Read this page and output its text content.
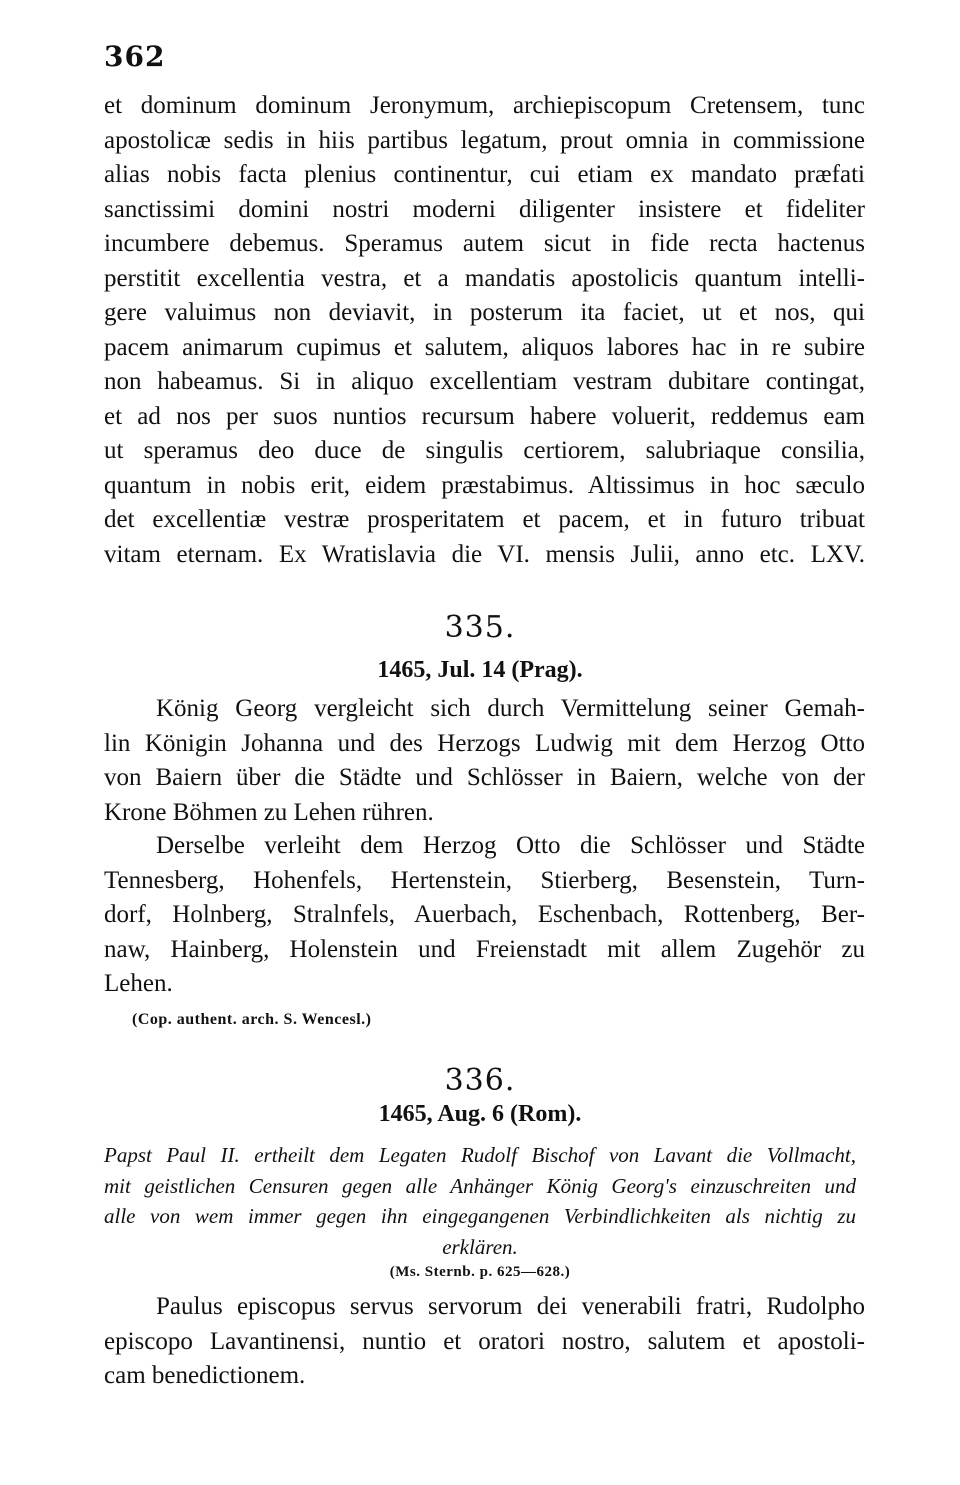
362
et dominum dominum Jeronymum, archiepiscopum Cretensem, tunc
apostolicæ sedis in hiis partibus legatum, prout omnia in commissione
alias nobis facta plenius continentur, cui etiam ex mandato præfati
sanctissimi domini nostri moderni diligenter insistere et fideliter
incumbere debemus. Speramus autem sicut in fide recta hactenus
perstitit excellentia vestra, et a mandatis apostolicis quantum intelli-
gere valuimus non deviavit, in posterum ita faciet, ut et nos, qui
pacem animarum cupimus et salutem, aliquos labores hac in re subire
non habeamus. Si in aliquo excellentiam vestram dubitare contingat,
et ad nos per suos nuntios recursum habere voluerit, reddemus eam
ut speramus deo duce de singulis certiorem, salubriaque consilia,
quantum in nobis erit, eidem præstabimus. Altissimus in hoc sæculo
det excellentiæ vestræ prosperitatem et pacem, et in futuro tribuat
vitam eternam. Ex Wratislavia die VI. mensis Julii, anno etc. LXV.
335.
1465, Jul. 14 (Prag).
König Georg vergleicht sich durch Vermittelung seiner Gemah-
lin Königin Johanna und des Herzogs Ludwig mit dem Herzog Otto
von Baiern über die Städte und Schlösser in Baiern, welche von der
Krone Böhmen zu Lehen rühren.
Derselbe verleiht dem Herzog Otto die Schlösser und Städte
Tennesberg, Hohenfels, Hertenstein, Stierberg, Besenstein, Turn-
dorf, Holnberg, Stralnfels, Auerbach, Eschenbach, Rottenberg, Ber-
naw, Hainberg, Holenstein und Freienstadt mit allem Zugehör zu
Lehen.
(Cop. authent. arch. S. Wencesl.)
336.
1465, Aug. 6 (Rom).
Papst Paul II. ertheilt dem Legaten Rudolf Bischof von Lavant die Vollmacht,
mit geistlichen Censuren gegen alle Anhänger König Georg's einzuschreiten und
alle von wem immer gegen ihn eingegangenen Verbindlichkeiten als nichtig zu
erklären.
(Ms. Sternb. p. 625—628.)
Paulus episcopus servus servorum dei venerabili fratri, Rudolpho
episcopo Lavantinensi, nuntio et oratori nostro, salutem et apostoli-
cam benedictionem.
